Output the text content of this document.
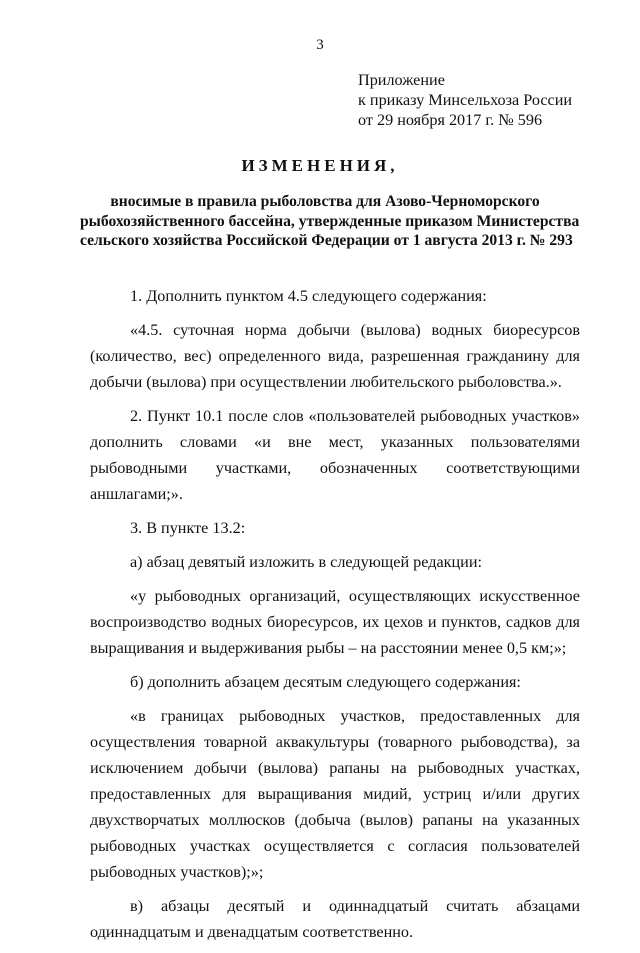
3
Приложение
к приказу Минсельхоза России
от 29 ноября 2017 г. № 596
ИЗМЕНЕНИЯ,
вносимые в правила рыболовства для Азово-Черноморского
рыбохозяйственного бассейна, утвержденные приказом Министерства
сельского хозяйства Российской Федерации от 1 августа 2013 г. № 293

1. Дополнить пунктом 4.5 следующего содержания:

«4.5. суточная норма добычи (вылова) водных биоресурсов (количество, вес) определенного вида, разрешенная гражданину для добычи (вылова) при осуществлении любительского рыболовства.».

2. Пункт 10.1 после слов «пользователей рыбоводных участков» дополнить словами «и вне мест, указанных пользователями рыбоводными участками, обозначенных соответствующими аншлагами;».

3. В пункте 13.2:

а) абзац девятый изложить в следующей редакции:

«у рыбоводных организаций, осуществляющих искусственное воспроизводство водных биоресурсов, их цехов и пунктов, садков для выращивания и выдерживания рыбы – на расстоянии менее 0,5 км;»;

б) дополнить абзацем десятым следующего содержания:

«в границах рыбоводных участков, предоставленных для осуществления товарной аквакультуры (товарного рыбоводства), за исключением добычи (вылова) рапаны на рыбоводных участках, предоставленных для выращивания мидий, устриц и/или других двухстворчатых моллюсков (добыча (вылов) рапаны на указанных рыбоводных участках осуществляется с согласия пользователей рыбоводных участков);»;

в) абзацы десятый и одиннадцатый считать абзацами одиннадцатым и двенадцатым соответственно.
